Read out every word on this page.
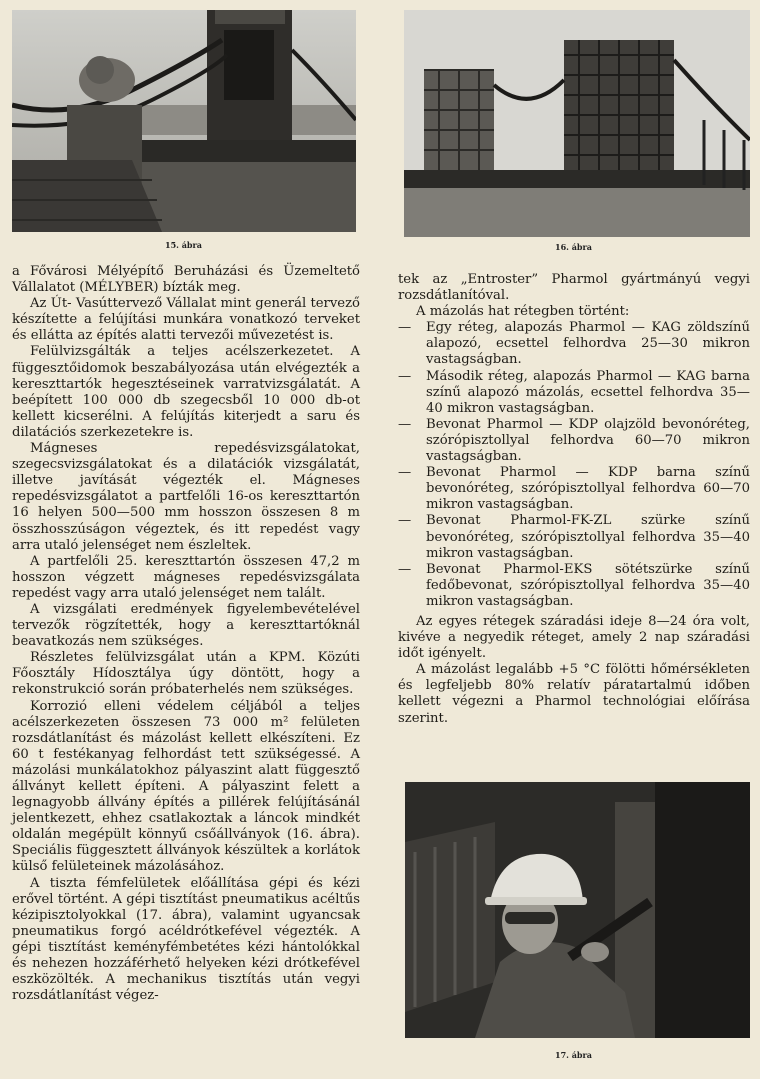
15. ábra	16. ábra

a Fővárosi Mélyépítő Beruházási és Üzemeltető Vállalatot (MÉLYBER) bízták meg.

Az Út- Vasúttervező Vállalat mint generál tervező készítette a felújítási munkára vonatkozó terveket és ellátta az építés alatti tervezői művezetést is.

Felülvizsgálták a teljes acélszerkezetet. A függesztőidomok beszabályozása után elvégezték a kereszttartók hegesztéseinek varratvizsgálatát. A beépített 100 000 db szegecsből 10 000 db-ot kellett kicserélni. A felújítás kiterjedt a saru és dilatációs szerkezetekre is.

Mágneses repedésvizsgálatokat, szegecsvizsgálatokat és a dilatációk vizsgálatát, illetve javítását végezték el. Mágneses repedésvizsgálatot a partfelőli 16-os kereszttartón 16 helyen 500—500 mm hosszon összesen 8 m összhosszúságon végeztek, és itt repedést vagy arra utaló jelenséget nem észleltek.

A partfelőli 25. kereszttartón összesen 47,2 m hosszon végzett mágneses repedésvizsgálata repedést vagy arra utaló jelenséget nem talált.

A vizsgálati eredmények figyelembevételével tervezők rögzítették, hogy a kereszttartóknál beavatkozás nem szükséges.

Részletes felülvizsgálat után a KPM. Közúti Főosztály Hídosztálya úgy döntött, hogy a rekonstrukció során próbaterhelés nem szükséges.

Korrozió elleni védelem céljából a teljes acélszerkezeten összesen 73 000 m² felületen rozsdátlanítást és mázolást kellett elkészíteni. Ez 60 t festékanyag felhordást tett szükségessé. A mázolási munkálatokhoz pályaszint alatt függesztő állványt kellett építeni. A pályaszint felett a legnagyobb állvány építés a pillérek felújításánál jelentkezett, ehhez csatlakoztak a láncok mindkét oldalán megépült könnyű csőállványok (16. ábra). Speciális függesztett állványok készültek a korlátok külső felületeinek mázolásához.

A tiszta fémfelületek előállítása gépi és kézi erővel történt. A gépi tisztítást pneumatikus acéltűs kézipisztolyokkal (17. ábra), valamint ugyancsak pneumatikus forgó acéldrótkefével végezték. A gépi tisztítást keményfémbetétes kézi hántolókkal és nehezen hozzáférhető helyeken kézi drótkefével eszközölték. A mechanikus tisztítás után vegyi rozsdátlanítást végez-

tek az „Entroster” Pharmol gyártmányú vegyi rozsdátlanítóval.

A mázolás hat rétegben történt:

— Egy réteg, alapozás Pharmol — KAG zöldszínű alapozó, ecsettel felhordva 25—30 mikron vastagságban.

— Második réteg, alapozás Pharmol — KAG barna színű alapozó mázolás, ecsettel felhordva 35—40 mikron vastagságban.

— Bevonat Pharmol — KDP olajzöld bevonóréteg, szórópisztollyal felhordva 60—70 mikron vastagságban.

— Bevonat Pharmol — KDP barna színű bevonóréteg, szórópisztollyal felhordva 60—70 mikron vastagságban.

— Bevonat Pharmol-FK-ZL szürke színű bevonóréteg, szórópisztollyal felhordva 35—40 mikron vastagságban.

— Bevonat Pharmol-EKS sötétszürke színű fedőbevonat, szórópisztollyal felhordva 35—40 mikron vastagságban.

Az egyes rétegek száradási ideje 8—24 óra volt, kivéve a negyedik réteget, amely 2 nap száradási időt igényelt.

A mázolást legalább +5 °C fölötti hőmérsékleten és legfeljebb 80% relatív páratartalmú időben kellett végezni a Pharmol technológiai előírása szerint.

17. ábra
